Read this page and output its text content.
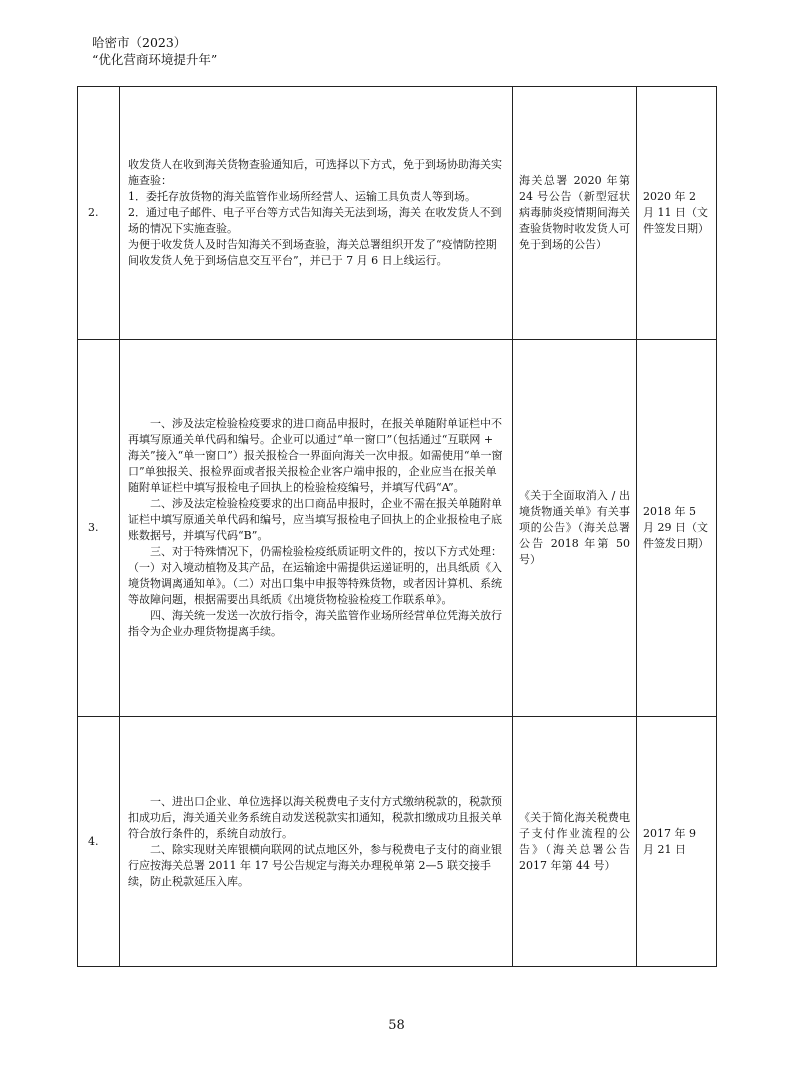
哈密市（2023）
“优化营商环境提升年”
2.	收发货人在收到海关货物查验通知后，可选择以下方式，免于到场协助海关实施查验：

1．委托存放货物的海关监管作业场所经营人、运输工具负责人等到场。

2．通过电子邮件、电子平台等方式告知海关无法到场，海关 在收发货人不到场的情况下实施查验。

为便于收发货人及时告知海关不到场查验，海关总署组织开发了“疫情防控期间收发货人免于到场信息交互平台”，并已于 7 月 6 日上线运行。	海关总署 2020 年第 24 号公告（新型冠状病毒肺炎疫情期间海关查验货物时收发货人可免于到场的公告）	2020 年 2 月 11 日（文件签发日期）
3.	一、涉及法定检验检疫要求的进口商品申报时，在报关单随附单证栏中不再填写原通关单代码和编号。企业可以通过“单一窗口”（包括通过“互联网 + 海关”接入“单一窗口”）报关报检合一界面向海关一次申报。如需使用“单一窗口”单独报关、报检界面或者报关报检企业客户端申报的，企业应当在报关单随附单证栏中填写报检电子回执上的检验检疫编号，并填写代码“A”。

二、涉及法定检验检疫要求的出口商品申报时，企业不需在报关单随附单证栏中填写原通关单代码和编号，应当填写报检电子回执上的企业报检电子底账数据号，并填写代码“B”。

三、对于特殊情况下，仍需检验检疫纸质证明文件的，按以下方式处理：（一）对入境动植物及其产品，在运输途中需提供运递证明的，出具纸质《入境货物调离通知单》。（二）对出口集中申报等特殊货物，或者因计算机、系统等故障问题，根据需要出具纸质《出境货物检验检疫工作联系单》。

四、海关统一发送一次放行指令，海关监管作业场所经营单位凭海关放行指令为企业办理货物提离手续。	《关于全面取消入 / 出境货物通关单》有关事项的公告》（海关总署公告 2018 年第 50 号）	2018 年 5 月 29 日（文件签发日期）
4.	一、进出口企业、单位选择以海关税费电子支付方式缴纳税款的，税款预扣成功后，海关通关业务系统自动发送税款实扣通知，税款扣缴成功且报关单符合放行条件的，系统自动放行。

二、除实现财关库银横向联网的试点地区外，参与税费电子支付的商业银行应按海关总署 2011 年 17 号公告规定与海关办理税单第 2—5 联交接手续，防止税款延压入库。	《关于简化海关税费电子支付作业流程的公告》（海关总署公告 2017 年第 44 号）	2017 年 9 月 21 日
58
